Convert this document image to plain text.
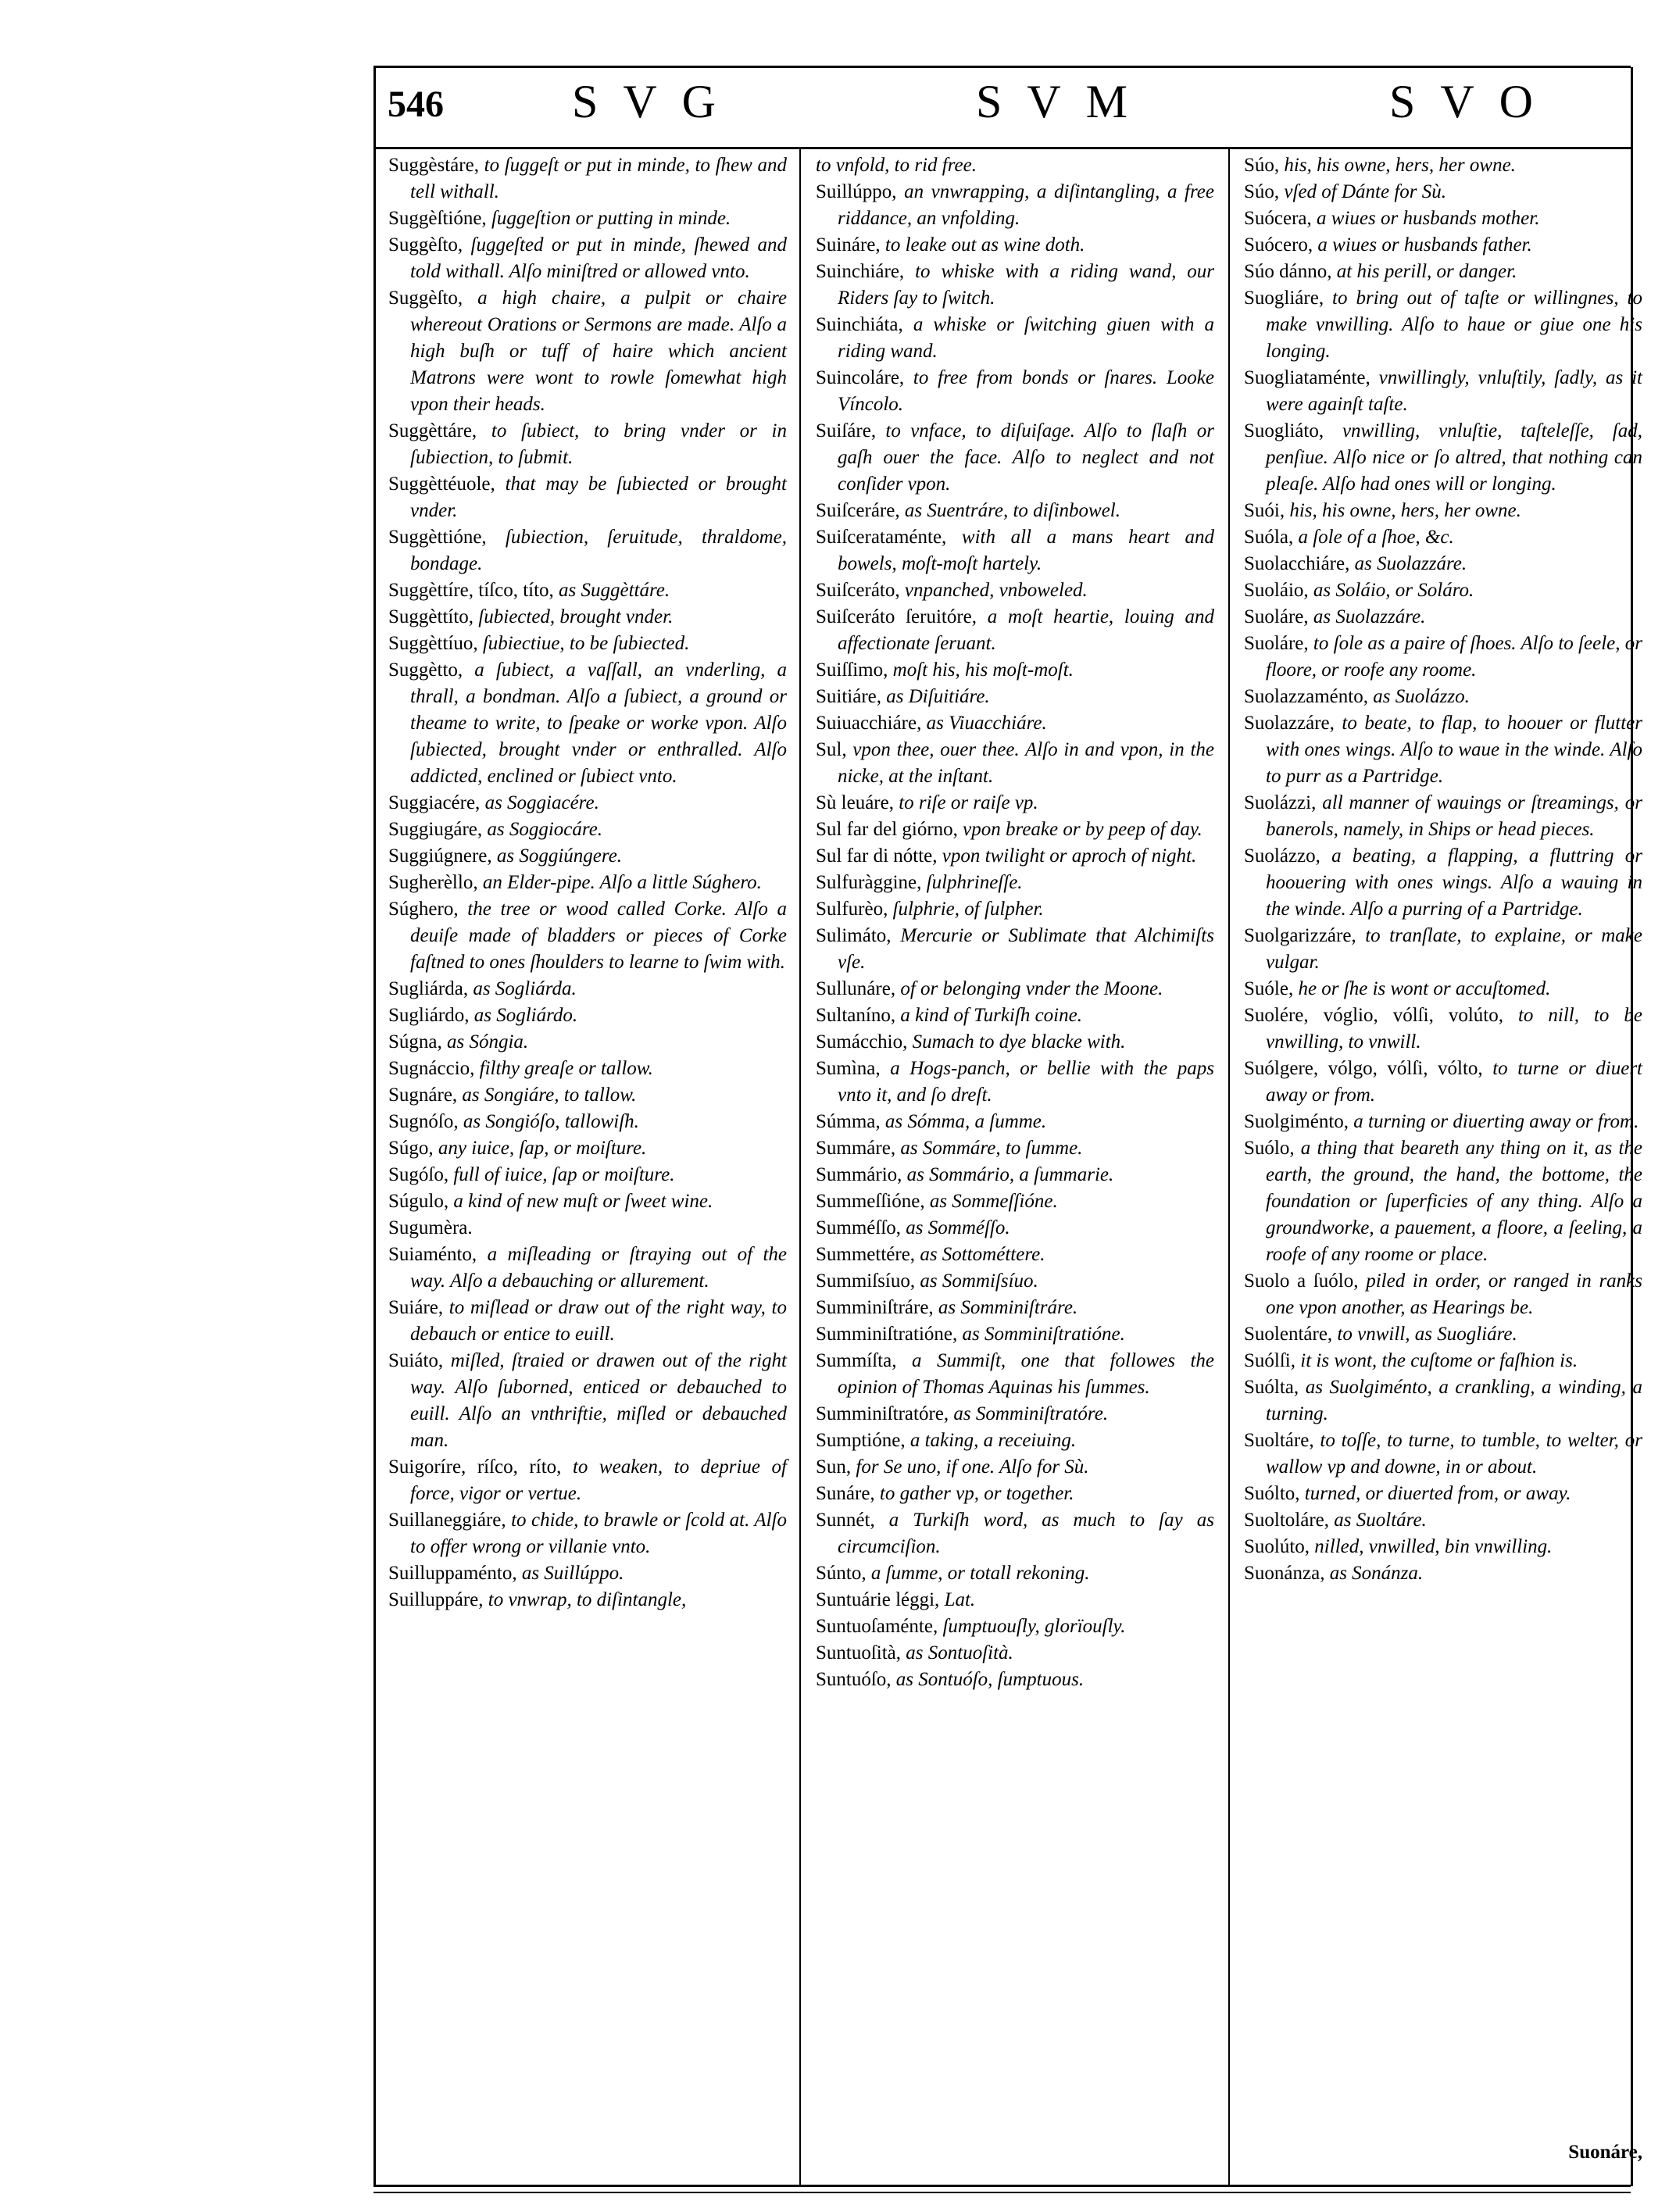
546	SVG	SVM	SVO

Suggèstáre, to ſuggeſt or put in minde, to ſhew and tell withall.

Suggèſtióne, ſuggeſtion or putting in minde.

Suggèſto, ſuggeſted or put in minde, ſhewed and told withall. Alſo miniſtred or allowed vnto.

Suggèſto, a high chaire, a pulpit or chaire whereout Orations or Sermons are made. Alſo a high buſh or tuff of haire which ancient Matrons were wont to rowle ſomewhat high vpon their heads.

Suggèttáre, to ſubiect, to bring vnder or in ſubiection, to ſubmit.

Suggèttéuole, that may be ſubiected or brought vnder.

Suggèttióne, ſubiection, ſeruitude, thraldome, bondage.

Suggèttíre, tíſco, títo, as Suggèttáre.

Suggèttíto, ſubiected, brought vnder.

Suggèttíuo, ſubiectiue, to be ſubiected.

Suggètto, a ſubiect, a vaſſall, an vnderling, a thrall, a bondman. Alſo a ſubiect, a ground or theame to write, to ſpeake or worke vpon. Alſo ſubiected, brought vnder or enthralled. Alſo addicted, enclined or ſubiect vnto.

Suggiacére, as Soggiacére.

Suggiugáre, as Soggiocáre.

Suggiúgnere, as Soggiúngere.

Sugherèllo, an Elder-pipe. Alſo a little Súghero.

Súghero, the tree or wood called Corke. Alſo a deuiſe made of bladders or pieces of Corke faſtned to ones ſhoulders to learne to ſwim with.

Sugliárda, as Sogliárda.

Sugliárdo, as Sogliárdo.

Súgna, as Sóngia.

Sugnáccio, filthy greaſe or tallow.

Sugnáre, as Songiáre, to tallow.

Sugnóſo, as Songióſo, tallowiſh.

Súgo, any iuice, ſap, or moiſture.

Sugóſo, full of iuice, ſap or moiſture.

Súgulo, a kind of new muſt or ſweet wine.

Sugumèra.

Suiaménto, a miſleading or ſtraying out of the way. Alſo a debauching or allurement.

Suiáre, to miſlead or draw out of the right way, to debauch or entice to euill.

Suiáto, miſled, ſtraied or drawen out of the right way. Alſo ſuborned, enticed or debauched to euill. Alſo an vnthriftie, miſled or debauched man.

Suigoríre, ríſco, ríto, to weaken, to depriue of force, vigor or vertue.

Suillaneggiáre, to chide, to brawle or ſcold at. Alſo to offer wrong or villanie vnto.

Suilluppaménto, as Suillúppo.

Suilluppáre, to vnwrap, to diſintangle,

to vnfold, to rid free.

Suillúppo, an vnwrapping, a diſintangling, a free riddance, an vnfolding.

Suináre, to leake out as wine doth.

Suinchiáre, to whiske with a riding wand, our Riders ſay to ſwitch.

Suinchiáta, a whiske or ſwitching giuen with a riding wand.

Suincoláre, to free from bonds or ſnares. Looke Víncolo.

Suiſáre, to vnface, to diſuiſage. Alſo to ſlaſh or gaſh ouer the face. Alſo to neglect and not conſider vpon.

Suiſceráre, as Suentráre, to diſinbowel.

Suiſcerataménte, with all a mans heart and bowels, moſt-moſt hartely.

Suiſceráto, vnpanched, vnboweled.

Suiſceráto ſeruitóre, a moſt heartie, louing and affectionate ſeruant.

Suiſſimo, moſt his, his moſt-moſt.

Suitiáre, as Diſuitiáre.

Suiuacchiáre, as Viuacchiáre.

Sul, vpon thee, ouer thee. Alſo in and vpon, in the nicke, at the inſtant.

Sù leuáre, to riſe or raiſe vp.

Sul far del giórno, vpon breake or by peep of day.

Sul far di nótte, vpon twilight or aproch of night.

Sulfuràggine, ſulphrineſſe.

Sulfurèo, ſulphrie, of ſulpher.

Sulimáto, Mercurie or Sublimate that Alchimiſts vſe.

Sullunáre, of or belonging vnder the Moone.

Sultaníno, a kind of Turkiſh coine.

Sumácchio, Sumach to dye blacke with.

Sumìna, a Hogs-panch, or bellie with the paps vnto it, and ſo dreſt.

Súmma, as Sómma, a ſumme.

Summáre, as Sommáre, to ſumme.

Summário, as Sommário, a ſummarie.

Summeſſióne, as Sommeſſióne.

Summéſſo, as Somméſſo.

Summettére, as Sottométtere.

Summiſsíuo, as Sommiſsíuo.

Summiniſtráre, as Somminiſtráre.

Summiniſtratióne, as Somminiſtratióne.

Summíſta, a Summiſt, one that followes the opinion of Thomas Aquinas his ſummes.

Summiniſtratóre, as Somminiſtratóre.

Sumptióne, a taking, a receiuing.

Sun, for Se uno, if one. Alſo for Sù.

Sunáre, to gather vp, or together.

Sunnét, a Turkiſh word, as much to ſay as circumciſion.

Súnto, a ſumme, or totall rekoning.

Suntuárie léggi, Lat.

Suntuoſaménte, ſumptuouſly, glorïouſly.

Suntuoſità, as Sontuoſità.

Suntuóſo, as Sontuóſo, ſumptuous.

Súo, his, his owne, hers, her owne.

Súo, vſed of Dánte for Sù.

Suócera, a wiues or husbands mother.

Suócero, a wiues or husbands father.

Súo dánno, at his perill, or danger.

Suogliáre, to bring out of taſte or willingnes, to make vnwilling. Alſo to haue or giue one his longing.

Suogliataménte, vnwillingly, vnluſtily, ſadly, as it were againſt taſte.

Suogliáto, vnwilling, vnluſtie, taſteleſſe, ſad, penſiue. Alſo nice or ſo altred, that nothing can pleaſe. Alſo had ones will or longing.

Suói, his, his owne, hers, her owne.

Suóla, a ſole of a ſhoe, &c.

Suolacchiáre, as Suolazzáre.

Suoláio, as Soláio, or Soláro.

Suoláre, as Suolazzáre.

Suoláre, to ſole as a paire of ſhoes. Alſo to ſeele, or floore, or roofe any roome.

Suolazzaménto, as Suolázzo.

Suolazzáre, to beate, to flap, to hoouer or flutter with ones wings. Alſo to waue in the winde. Alſo to purr as a Partridge.

Suolázzi, all manner of wauings or ſtreamings, or banerols, namely, in Ships or head pieces.

Suolázzo, a beating, a flapping, a fluttring or hoouering with ones wings. Alſo a wauing in the winde. Alſo a purring of a Partridge.

Suolgarizzáre, to tranſlate, to explaine, or make vulgar.

Suóle, he or ſhe is wont or accuſtomed.

Suolére, vóglio, vólſi, volúto, to nill, to be vnwilling, to vnwill.

Suólgere, vólgo, vólſi, vólto, to turne or diuert away or from.

Suolgiménto, a turning or diuerting away or from.

Suólo, a thing that beareth any thing on it, as the earth, the ground, the hand, the bottome, the foundation or ſuperficies of any thing. Alſo a groundworke, a pauement, a floore, a ſeeling, a roofe of any roome or place.

Suolo a ſuólo, piled in order, or ranged in ranks one vpon another, as Hearings be.

Suolentáre, to vnwill, as Suogliáre.

Suólſi, it is wont, the cuſtome or faſhion is.

Suólta, as Suolgiménto, a crankling, a winding, a turning.

Suoltáre, to toſſe, to turne, to tumble, to welter, or wallow vp and downe, in or about.

Suólto, turned, or diuerted from, or away.

Suoltoláre, as Suoltáre.

Suolúto, nilled, vnwilled, bin vnwilling.

Suonánza, as Sonánza.

Suonáre,
